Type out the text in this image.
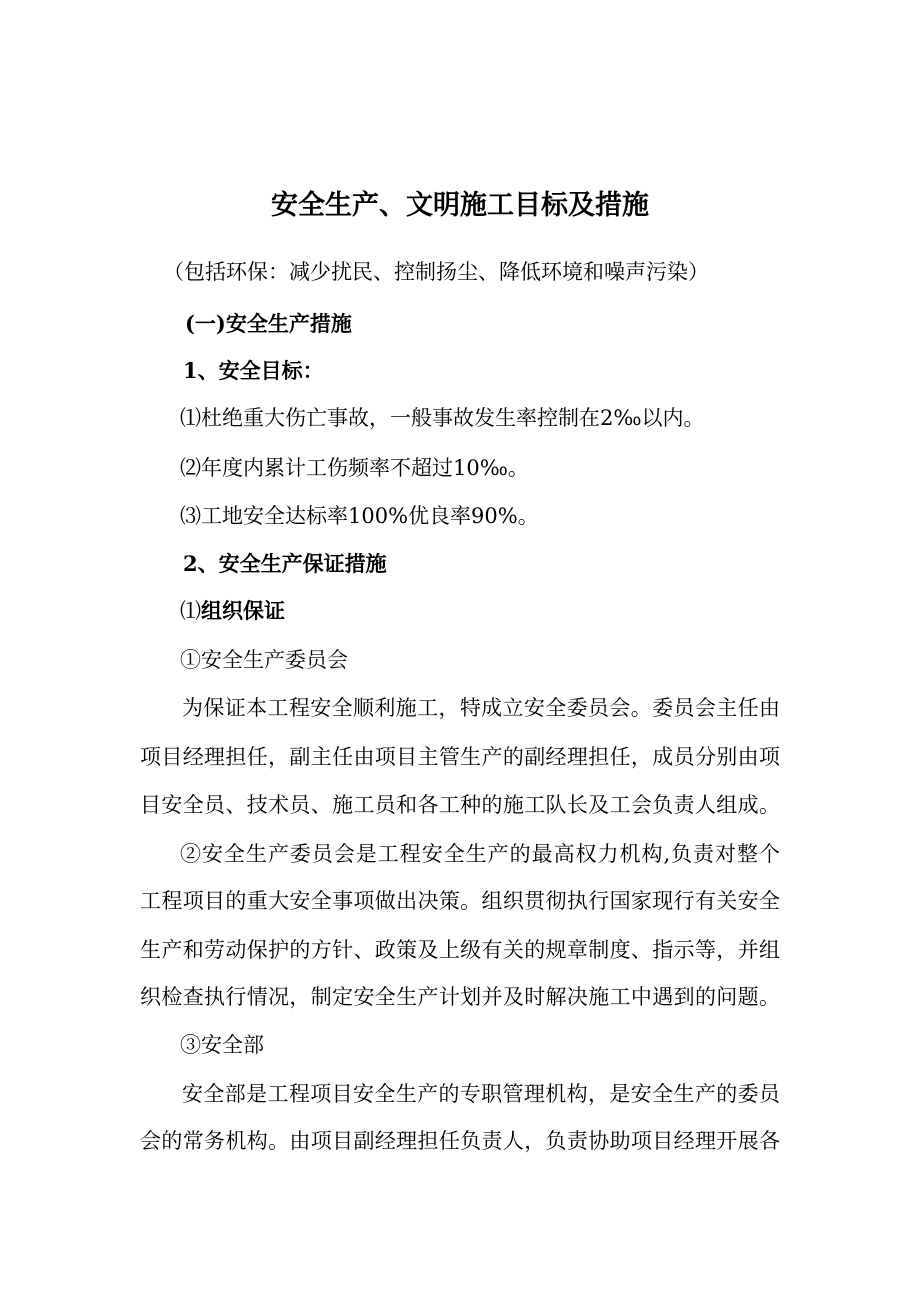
安全生产、文明施工目标及措施
（包括环保：减少扰民、控制扬尘、降低环境和噪声污染）
(一)安全生产措施
1、安全目标：
⑴杜绝重大伤亡事故，一般事故发生率控制在2‰以内。
⑵年度内累计工伤频率不超过10‰。
⑶工地安全达标率100%优良率90%。
2、安全生产保证措施
⑴组织保证
①安全生产委员会
为保证本工程安全顺利施工，特成立安全委员会。委员会主任由
项目经理担任，副主任由项目主管生产的副经理担任，成员分别由项
目安全员、技术员、施工员和各工种的施工队长及工会负责人组成。
②安全生产委员会是工程安全生产的最高权力机构,负责对整个
工程项目的重大安全事项做出决策。组织贯彻执行国家现行有关安全
生产和劳动保护的方针、政策及上级有关的规章制度、指示等，并组
织检查执行情况，制定安全生产计划并及时解决施工中遇到的问题。
③安全部
安全部是工程项目安全生产的专职管理机构，是安全生产的委员
会的常务机构。由项目副经理担任负责人，负责协助项目经理开展各
